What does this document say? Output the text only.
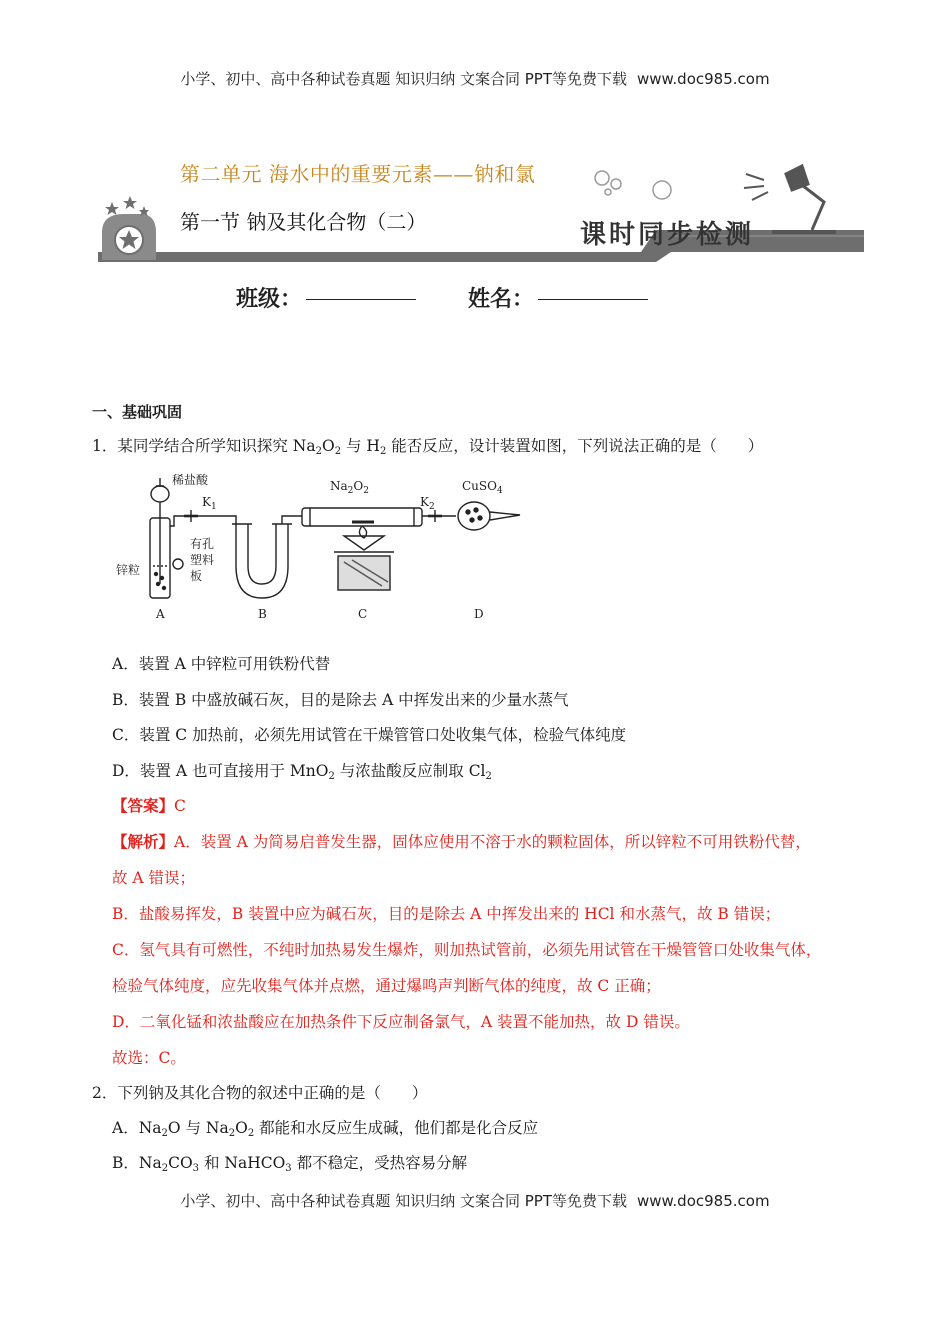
小学、初中、高中各种试卷真题 知识归纳 文案合同 PPT等免费下载 www.doc985.com
第二单元 海水中的重要元素——钠和氯
第一节 钠及其化合物（二）	课时同步检测
班级：	姓名：
一、基础巩固
1．某同学结合所学知识探究 $Na_2O_2$ 与 $H_2$ 能否反应，设计装置如图，下列说法正确的是（　　）
稀盐酸
$K_1$
$Na_2O_2$
$K_2$
CuSO$_4$
锌粒
有孔
塑料
板
A	B	C	D
A．装置 A 中锌粒可用铁粉代替
B．装置 B 中盛放碱石灰，目的是除去 A 中挥发出来的少量水蒸气
C．装置 C 加热前，必须先用试管在干燥管管口处收集气体，检验气体纯度
D．装置 A 也可直接用于 MnO$_2$ 与浓盐酸反应制取 $Cl_2$
【答案】C
【解析】A．装置 A 为简易启普发生器，固体应使用不溶于水的颗粒固体，所以锌粒不可用铁粉代替，
故 A 错误；
B．盐酸易挥发，B 装置中应为碱石灰，目的是除去 A 中挥发出来的 HCl 和水蒸气，故 B 错误；
C．氢气具有可燃性，不纯时加热易发生爆炸，则加热试管前，必须先用试管在干燥管管口处收集气体，
检验气体纯度，应先收集气体并点燃，通过爆鸣声判断气体的纯度，故 C 正确；
D．二氧化锰和浓盐酸应在加热条件下反应制备氯气，A 装置不能加热，故 D 错误。
故选：C。
2．下列钠及其化合物的叙述中正确的是（　　）
A．$Na_2O$ 与 $Na_2O_2$ 都能和水反应生成碱，他们都是化合反应
B．$Na_2CO_3$ 和 NaHCO$_3$ 都不稳定，受热容易分解
小学、初中、高中各种试卷真题 知识归纳 文案合同 PPT等免费下载 www.doc985.com
